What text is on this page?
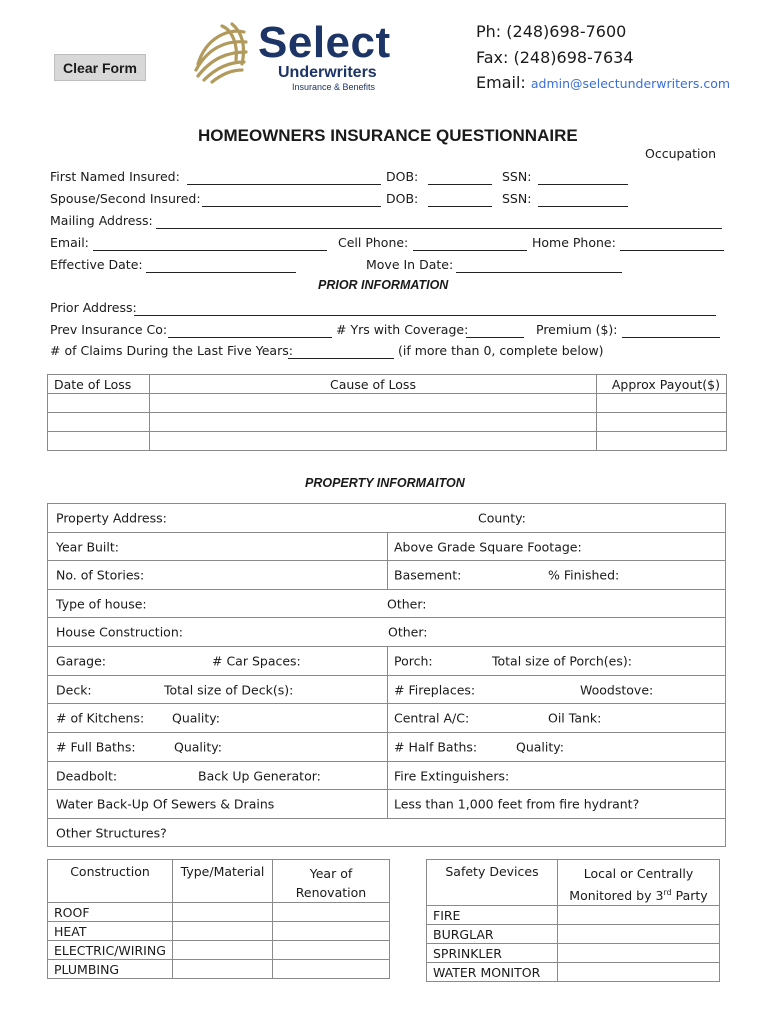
Clear Form
Select
Underwriters
Insurance & Benefits
Ph: (248)698-7600
Fax: (248)698-7634
Email: admin@selectunderwriters.com
HOMEOWNERS INSURANCE QUESTIONNAIRE
Occupation
First Named Insured:	DOB:	SSN:
Spouse/Second Insured:	DOB:	SSN:
Mailing Address:
Email:	Cell Phone:	Home Phone:
Effective Date:	Move In Date:
PRIOR INFORMATION
Prior Address:
Prev Insurance Co:	# Yrs with Coverage:	Premium ($):
# of Claims During the Last Five Years:	(if more than 0, complete below)
Date of Loss	Cause of Loss	Approx Payout($)

PROPERTY INFORMAITON
Property Address:	County:
Year Built:	Above Grade Square Footage:
No. of Stories:	Basement:	% Finished:
Type of house:	Other:
House Construction:	Other:
Garage:	# Car Spaces:	Porch:	Total size of Porch(es):
Deck:	Total size of Deck(s):	# Fireplaces:	Woodstove:
# of Kitchens: Quality:	Central A/C:	Oil Tank:
# Full Baths:	Quality:	# Half Baths:	Quality:
Deadbolt:	Back Up Generator:	Fire Extinguishers:
Water Back-Up Of Sewers & Drains	Less than 1,000 feet from fire hydrant?
Other Structures?
Construction	Type/Material	Year of
Renovation
ROOF		
HEAT		
ELECTRIC/WIRING		
PLUMBING		
Safety Devices	Local or Centrally
Monitored by 3rd Party
FIRE	
BURGLAR	
SPRINKLER	
WATER MONITOR	
